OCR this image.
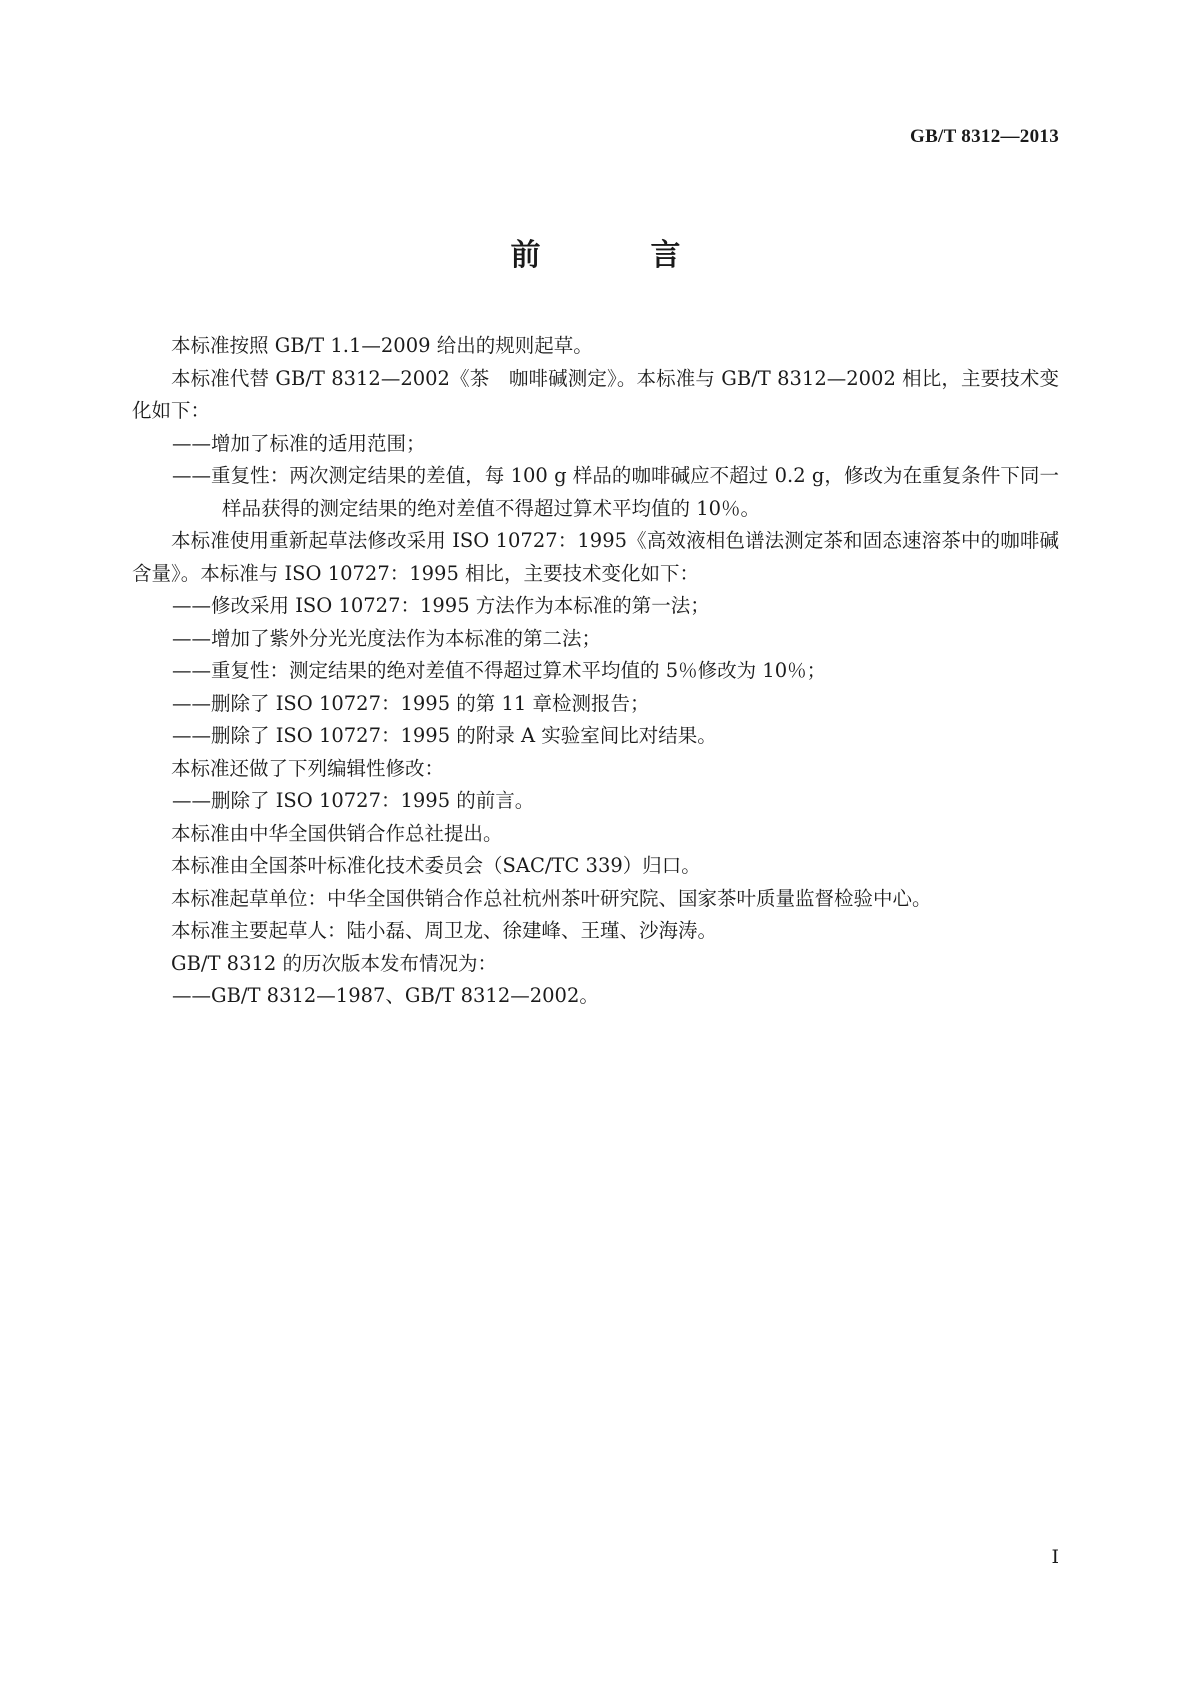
GB/T 8312—2013
前　言

本标准按照 GB/T 1.1—2009 给出的规则起草。

本标准代替 GB/T 8312—2002《茶　咖啡碱测定》。本标准与 GB/T 8312—2002 相比，主要技术变化如下：

——增加了标准的适用范围；

——重复性：两次测定结果的差值，每 100 g 样品的咖啡碱应不超过 0.2 g，修改为在重复条件下同一样品获得的测定结果的绝对差值不得超过算术平均值的 10％。

本标准使用重新起草法修改采用 ISO 10727：1995《高效液相色谱法测定茶和固态速溶茶中的咖啡碱含量》。本标准与 ISO 10727：1995 相比，主要技术变化如下：

——修改采用 ISO 10727：1995 方法作为本标准的第一法；

——增加了紫外分光光度法作为本标准的第二法；

——重复性：测定结果的绝对差值不得超过算术平均值的 5％修改为 10％；

——删除了 ISO 10727：1995 的第 11 章检测报告；

——删除了 ISO 10727：1995 的附录 A 实验室间比对结果。

本标准还做了下列编辑性修改：

——删除了 ISO 10727：1995 的前言。

本标准由中华全国供销合作总社提出。

本标准由全国茶叶标准化技术委员会（SAC/TC 339）归口。

本标准起草单位：中华全国供销合作总社杭州茶叶研究院、国家茶叶质量监督检验中心。

本标准主要起草人：陆小磊、周卫龙、徐建峰、王瑾、沙海涛。

GB/T 8312 的历次版本发布情况为：

——GB/T 8312—1987、GB/T 8312—2002。

I
